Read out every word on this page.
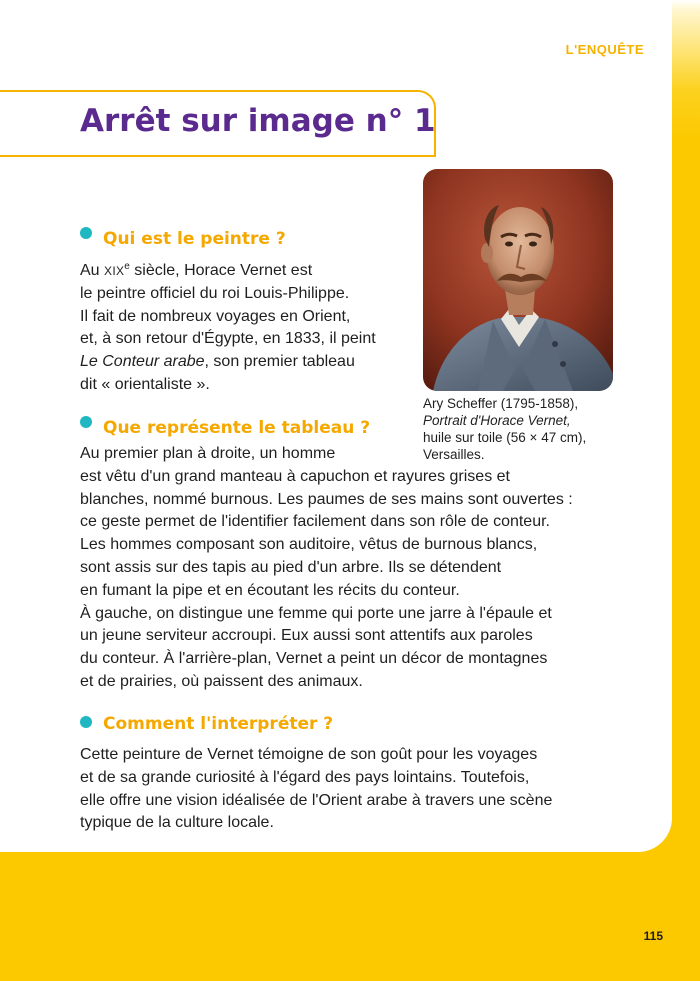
L'ENQUÊTE
Arrêt sur image n° 1
Ary Scheffer (1795-1858),
Portrait d'Horace Vernet,
huile sur toile (56 × 47 cm),
Versailles.
Qui est le peintre ?
Au XIXe siècle, Horace Vernet est
le peintre officiel du roi Louis-Philippe.
Il fait de nombreux voyages en Orient,
et, à son retour d'Égypte, en 1833, il peint
Le Conteur arabe, son premier tableau
dit « orientaliste ».
Que représente le tableau ?
Au premier plan à droite, un homme
est vêtu d'un grand manteau à capuchon et rayures grises et
blanches, nommé burnous. Les paumes de ses mains sont ouvertes :
ce geste permet de l'identifier facilement dans son rôle de conteur.
Les hommes composant son auditoire, vêtus de burnous blancs,
sont assis sur des tapis au pied d'un arbre. Ils se détendent
en fumant la pipe et en écoutant les récits du conteur.
À gauche, on distingue une femme qui porte une jarre à l'épaule et
un jeune serviteur accroupi. Eux aussi sont attentifs aux paroles
du conteur. À l'arrière-plan, Vernet a peint un décor de montagnes
et de prairies, où paissent des animaux.
Comment l'interpréter ?
Cette peinture de Vernet témoigne de son goût pour les voyages
et de sa grande curiosité à l'égard des pays lointains. Toutefois,
elle offre une vision idéalisée de l'Orient arabe à travers une scène
typique de la culture locale.
115
